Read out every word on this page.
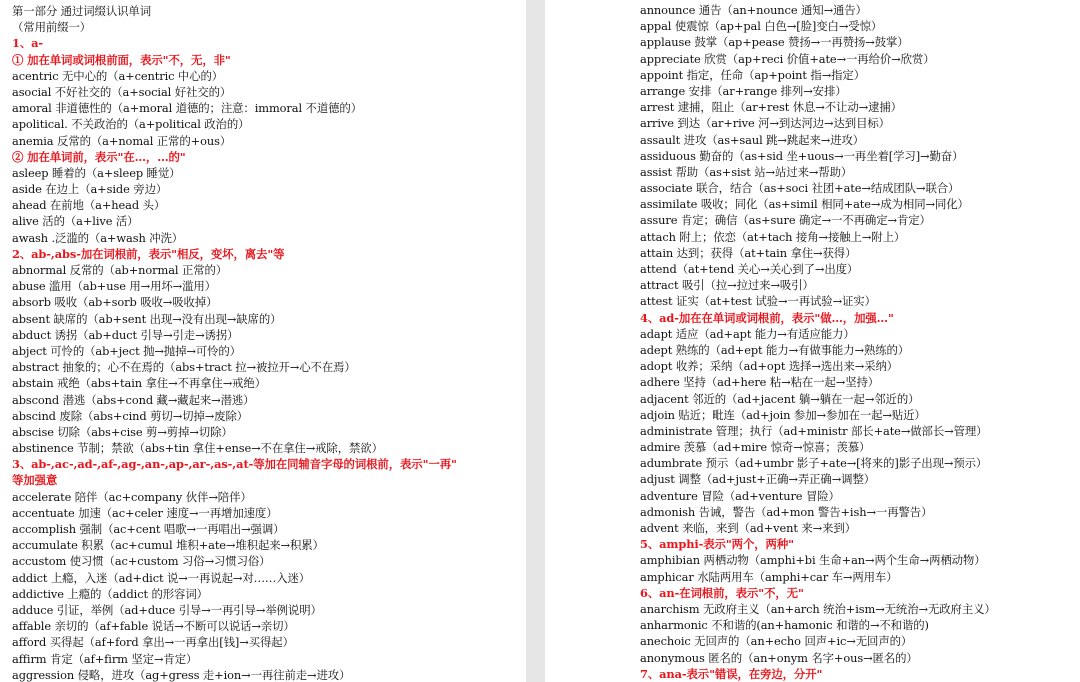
第一部分 通过词缀认识单词
（常用前缀一）
1、a-
① 加在单词或词根前面，表示"不，无，非"
acentric 无中心的（a+centric 中心的）
asocial 不好社交的（a+social 好社交的）
amoral 非道德性的（a+moral 道德的；注意：immoral 不道德的）
apolitical. 不关政治的（a+political 政治的）
anemia 反常的（a+nomal 正常的+ous）
② 加在单词前，表示"在…，…的"
asleep 睡着的（a+sleep 睡觉）
aside 在边上（a+side 旁边）
ahead 在前地（a+head 头）
alive 活的（a+live 活）
awash .泛滥的（a+wash 冲洗）
2、ab-,abs-加在词根前，表示"相反，变坏，离去"等
abnormal 反常的（ab+normal 正常的）
abuse 滥用（ab+use 用→用坏→滥用）
absorb 吸收（ab+sorb 吸收→吸收掉）
absent 缺席的（ab+sent 出现→没有出现→缺席的）
abduct 诱拐（ab+duct 引导→引走→诱拐）
abject 可怜的（ab+ject 抛→抛掉→可怜的）
abstract 抽象的；心不在焉的（abs+tract 拉→被拉开→心不在焉）
abstain 戒绝（abs+tain 拿住→不再拿住→戒绝）
abscond 潜逃（abs+cond 藏→藏起来→潜逃）
abscind 废除（abs+cind 剪切→切掉→废除）
abscise 切除（abs+cise 剪→剪掉→切除）
abstinence 节制；禁欲（abs+tin 拿住+ense→不在拿住→戒除，禁欲）
3、ab-,ac-,ad-,af-,ag-,an-,ap-,ar-,as-,at-等加在同辅音字母的词根前，表示"一再"
等加强意
accelerate 陪伴（ac+company 伙伴→陪伴）
accentuate 加速（ac+celer 速度→一再增加速度）
accomplish 强制（ac+cent 唱歌→一再唱出→强调）
accumulate 积累（ac+cumul 堆积+ate→堆积起来→积累）
accustom 使习惯（ac+custom 习俗→习惯习俗）
addict 上瘾，入迷（ad+dict 说→一再说起→对……入迷）
addictive 上瘾的（addict 的形容词）
adduce 引证，举例（ad+duce 引导→一再引导→举例说明）
affable 亲切的（af+fable 说话→不断可以说话→亲切）
afford 买得起（af+ford 拿出→一再拿出[钱]→买得起）
affirm 肯定（af+firm 坚定→肯定）
aggression 侵略，进攻（ag+gress 走+ion→一再往前走→进攻）
announce 通告（an+nounce 通知→通告）
appal 使震惊（ap+pal 白色→[脸]变白→受惊）
applause 鼓掌（ap+pease 赞扬→一再赞扬→鼓掌）
appreciate 欣赏（ap+reci 价值+ate→一再给价→欣赏）
appoint 指定，任命（ap+point 指→指定）
arrange 安排（ar+range 排列→安排）
arrest 逮捕，阻止（ar+rest 休息→不让动→逮捕）
arrive 到达（ar+rive 河→到达河边→达到目标）
assault 进攻（as+saul 跳→跳起来→进攻）
assiduous 勤奋的（as+sid 坐+uous→一再坐着[学习]→勤奋）
assist 帮助（as+sist 站→站过来→帮助）
associate 联合，结合（as+soci 社团+ate→结成团队→联合）
assimilate 吸收；同化（as+simil 相同+ate→成为相同→同化）
assure 肯定；确信（as+sure 确定→一不再确定→肯定）
attach 附上；依恋（at+tach 接角→接触上→附上）
attain 达到；获得（at+tain 拿住→获得）
attend（at+tend 关心→关心到了→出度）
attract 吸引（拉→拉过来→吸引）
attest 证实（at+test 试验→一再试验→证实）
4、ad-加在在单词或词根前，表示"做…，加强…"
adapt 适应（ad+apt 能力→有适应能力）
adept 熟练的（ad+ept 能力→有做事能力→熟练的）
adopt 收养；采纳（ad+opt 选择→选出来→采纳）
adhere 坚持（ad+here 粘→粘在一起→坚持）
adjacent 邻近的（ad+jacent 躺→躺在一起→邻近的）
adjoin 贴近；毗连（ad+join 参加→参加在一起→贴近）
administrate 管理；执行（ad+ministr 部长+ate→做部长→管理）
admire 羡慕（ad+mire 惊奇→惊喜；羡慕）
adumbrate 预示（ad+umbr 影子+ate→[将来的]影子出现→预示）
adjust 调整（ad+just+正确→弄正确→调整）
adventure 冒险（ad+venture 冒险）
admonish 告诫，警告（ad+mon 警告+ish→一再警告）
advent 来临，来到（ad+vent 来→来到）
5、amphi-表示"两个，两种"
amphibian 两栖动物（amphi+bi 生命+an→两个生命→两栖动物）
amphicar 水陆两用车（amphi+car 车→两用车）
6、an-在词根前，表示"不，无"
anarchism 无政府主义（an+arch 统治+ism→无统治→无政府主义）
anharmonic 不和谐的(an+hamonic 和谐的→不和谐的)
anechoic 无回声的（an+echo 回声+ic→无回声的）
anonymous 匿名的（an+onym 名字+ous→匿名的）
7、ana-表示"错误，在旁边，分开"
